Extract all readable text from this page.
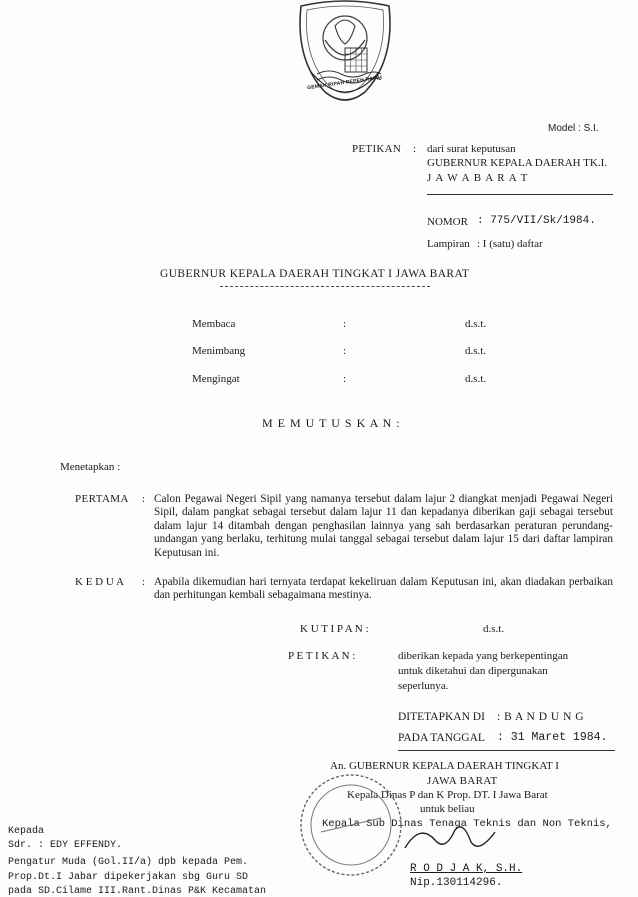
GEMAH RIPAH REPEH RAPIH
Model : S.I.
PETIKAN : dari surat keputusan
GUBERNUR KEPALA DAERAH TK.I.
J A W A B A R A T
NOMOR : 775/VII/Sk/1984.
Lampiran : I (satu) daftar
GUBERNUR KEPALA DAERAH TINGKAT I JAWA BARAT
Membaca	:	d.s.t.
Menimbang	:	d.s.t.
Mengingat	:	d.s.t.
M E M U T U S K A N :
Menetapkan :
PERTAMA : Calon Pegawai Negeri Sipil yang namanya tersebut dalam lajur 2 diangkat menjadi Pegawai Negeri Sipil, dalam pangkat sebagai tersebut dalam lajur 11 dan kepadanya diberikan gaji sebagai tersebut dalam lajur 14 ditambah dengan penghasilan lainnya yang sah berdasarkan peraturan perundang-undangan yang berlaku, terhitung mulai tanggal sebagai tersebut dalam lajur 15 dari daftar lampiran Keputusan ini.
K E D U A : Apabila dikemudian hari ternyata terdapat kekeliruan dalam Keputusan ini, akan diadakan perbaikan dan perhitungan kembali sebagaimana mestinya.
K U T I P A N :	d.s.t.
P E T I K A N :	diberikan kepada yang berkepentingan
untuk diketahui dan dipergunakan
seperlunya.
DITETAPKAN DI : B A N D U N G
PADA TANGGAL : 31 Maret 1984.
An. GUBERNUR KEPALA DAERAH TINGKAT I
JAWA BARAT
Kepala Dinas P dan K Prop. DT. I Jawa Barat
untuk beliau
Kepala Sub Dinas Tenaga Teknis dan Non Teknis,
R O D J A K, S.H.
Nip.130114296.
Kepada
Sdr. : EDY EFFENDY.
Pengatur Muda (Gol.II/a) dpb kepada Pem.
Prop.Dt.I Jabar dipekerjakan sbg Guru SD
pada SD.Cilame III.Rant.Dinas P&K Kecamatan
